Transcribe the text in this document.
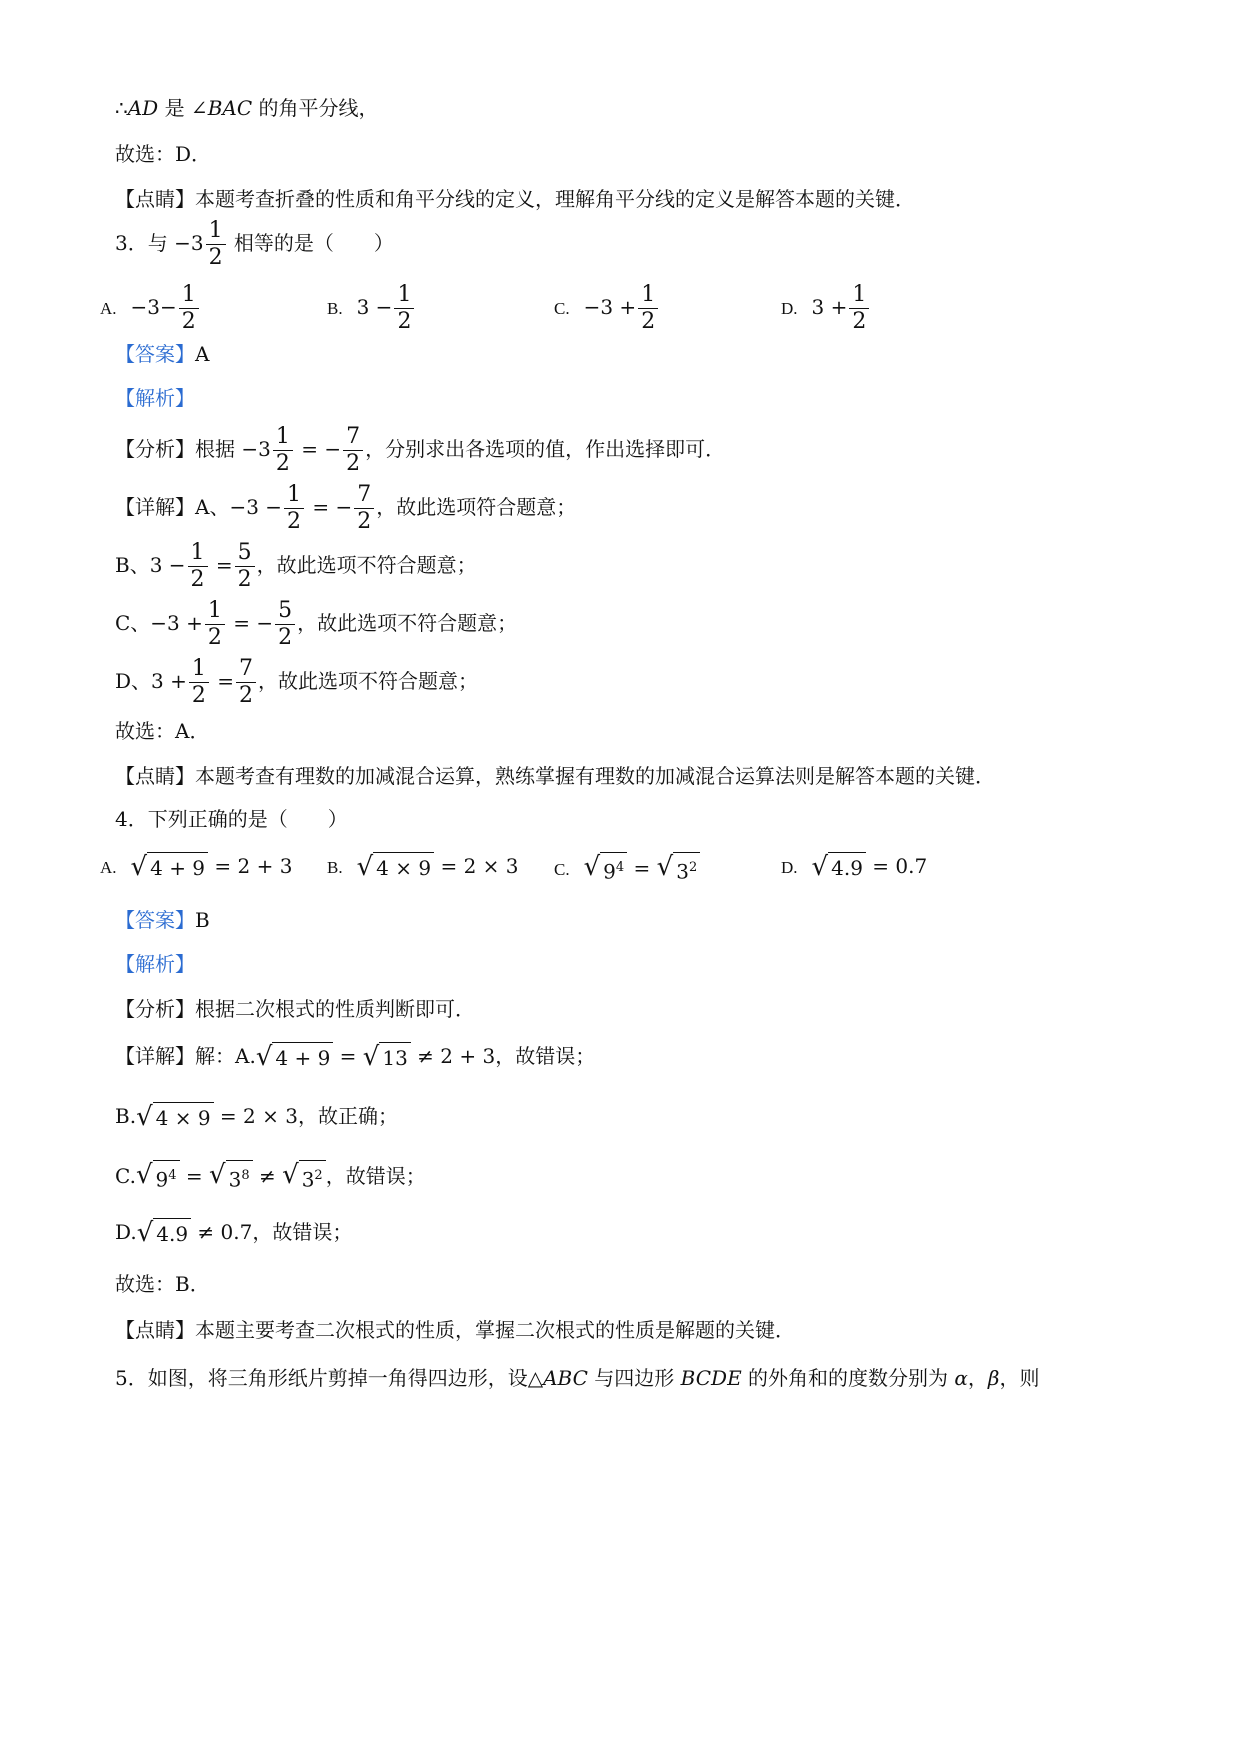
∴AD 是 ∠BAC 的角平分线，
故选：D．
【点睛】本题考查折叠的性质和角平分线的定义，理解角平分线的定义是解答本题的关键．
3．与 $-3 \frac{1}{2}$ 相等的是（　　）
A. $-3- \frac{1}{2}$	B. $3 - \frac{1}{2}$	C. $-3 + \frac{1}{2}$	D. $3 + \frac{1}{2}$
【答案】A
【解析】
【分析】根据 $-3 \frac{1}{2}$ = − $\frac{7}{2}$ ，分别求出各选项的值，作出选择即可．
【详解】A、$-3 - \frac{1}{2}$ = − $\frac{7}{2}$ ，故此选项符合题意；
B、$3 - \frac{1}{2} = \frac{5}{2}$ ，故此选项不符合题意；
C、$-3 + \frac{1}{2}$ = − $\frac{5}{2}$ ，故此选项不符合题意；
D、$3 + \frac{1}{2} = \frac{7}{2}$ ，故此选项不符合题意；
故选：A．
【点睛】本题考查有理数的加减混合运算，熟练掌握有理数的加减混合运算法则是解答本题的关键．
4．下列正确的是（　　）
A. √ 4 + 9 = 2 + 3 B. √ 4 × 9 = 2 × 3 C. √ $9^4$ = √ $3^2$	D. √ 4.9 = 0.7
【答案】B
【解析】
【分析】根据二次根式的性质判断即可．
【详解】解：A. √ 4 + 9 = √ 13 ≠ 2 + 3，故错误；
B. √ 4 × 9 = 2 × 3，故正确；
C. √ $9^4$ = √ $3^8$ ≠ √ $3^2$ ，故错误；
D. √ 4.9 ≠ 0.7，故错误；
故选：B．
【点睛】本题主要考查二次根式的性质，掌握二次根式的性质是解题的关键．
5．如图，将三角形纸片剪掉一角得四边形，设△ABC 与四边形 BCDE 的外角和的度数分别为 α，β，则
